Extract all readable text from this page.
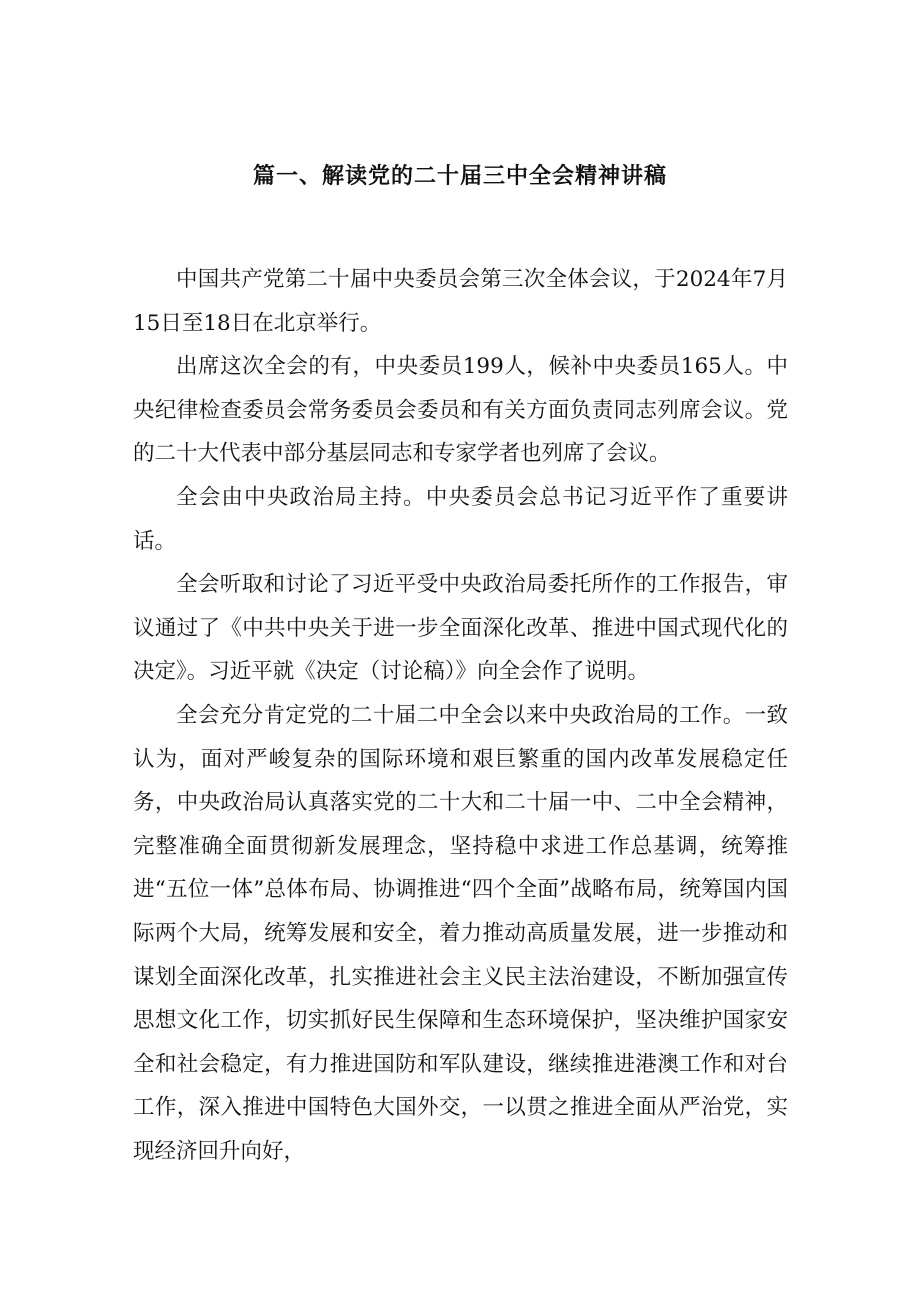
篇一、解读党的二十届三中全会精神讲稿

中国共产党第二十届中央委员会第三次全体会议，于2024年7月15日至18日在北京举行。

出席这次全会的有，中央委员199人，候补中央委员165人。中央纪律检查委员会常务委员会委员和有关方面负责同志列席会议。党的二十大代表中部分基层同志和专家学者也列席了会议。

全会由中央政治局主持。中央委员会总书记习近平作了重要讲话。

全会听取和讨论了习近平受中央政治局委托所作的工作报告，审议通过了《中共中央关于进一步全面深化改革、推进中国式现代化的决定》。习近平就《决定（讨论稿）》向全会作了说明。

全会充分肯定党的二十届二中全会以来中央政治局的工作。一致认为，面对严峻复杂的国际环境和艰巨繁重的国内改革发展稳定任务，中央政治局认真落实党的二十大和二十届一中、二中全会精神，完整准确全面贯彻新发展理念，坚持稳中求进工作总基调，统筹推进“五位一体”总体布局、协调推进“四个全面”战略布局，统筹国内国际两个大局，统筹发展和安全，着力推动高质量发展，进一步推动和谋划全面深化改革，扎实推进社会主义民主法治建设，不断加强宣传思想文化工作，切实抓好民生保障和生态环境保护，坚决维护国家安全和社会稳定，有力推进国防和军队建设，继续推进港澳工作和对台工作，深入推进中国特色大国外交，一以贯之推进全面从严治党，实现经济回升向好，
